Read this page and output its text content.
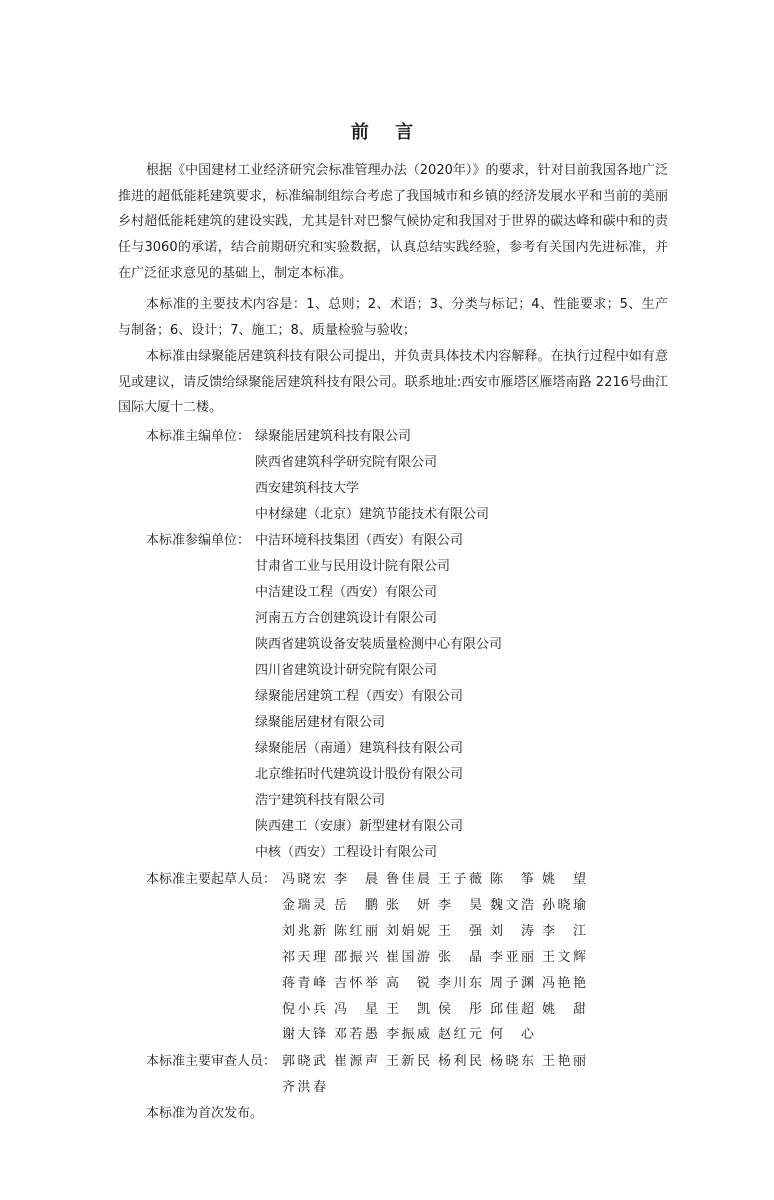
前 言

根据《中国建材工业经济研究会标准管理办法（2020年）》的要求，针对目前我国各地广泛推进的超低能耗建筑要求，标准编制组综合考虑了我国城市和乡镇的经济发展水平和当前的美丽乡村超低能耗建筑的建设实践，尤其是针对巴黎气候协定和我国对于世界的碳达峰和碳中和的责任与3060的承诺，结合前期研究和实验数据，认真总结实践经验，参考有关国内先进标准，并在广泛征求意见的基础上，制定本标准。

本标准的主要技术内容是：1、总则；2、术语；3、分类与标记；4、性能要求；5、生产与制备；6、设计；7、施工；8、质量检验与验收；

本标准由绿聚能居建筑科技有限公司提出，并负责具体技术内容解释。在执行过程中如有意见或建议，请反馈给绿聚能居建筑科技有限公司。联系地址:西安市雁塔区雁塔南路 2216号曲江国际大厦十二楼。

本标准主编单位： 绿聚能居建筑科技有限公司
陕西省建筑科学研究院有限公司
西安建筑科技大学
中材绿建（北京）建筑节能技术有限公司
本标准参编单位： 中洁环境科技集团（西安）有限公司
甘肃省工业与民用设计院有限公司
中洁建设工程（西安）有限公司
河南五方合创建筑设计有限公司
陕西省建筑设备安装质量检测中心有限公司
四川省建筑设计研究院有限公司
绿聚能居建筑工程（西安）有限公司
绿聚能居建材有限公司
绿聚能居（南通）建筑科技有限公司
北京维拓时代建筑设计股份有限公司
浩宁建筑科技有限公司
陕西建工（安康）新型建材有限公司
中核（西安）工程设计有限公司
本标准主要起草人员： 冯晓宏 李晨 鲁佳晨 王子薇 陈筝 姚望
金瑞灵 岳鹏 张妍 李昊 魏文浩 孙晓瑜
刘兆新 陈红丽 刘娟妮 王强 刘涛 李江
祁天理 邵振兴 崔国游 张晶 李亚丽 王文辉
蒋青峰 吉怀举 高锐 李川东 周子渊 冯艳艳
倪小兵 冯星 王凯 侯彤 邱佳超 姚甜
谢大锋 邓若愚 李振威 赵红元 何心
本标准主要审查人员： 郭晓武 崔源声 王新民 杨利民 杨晓东 王艳丽
齐洪春
本标准为首次发布。
